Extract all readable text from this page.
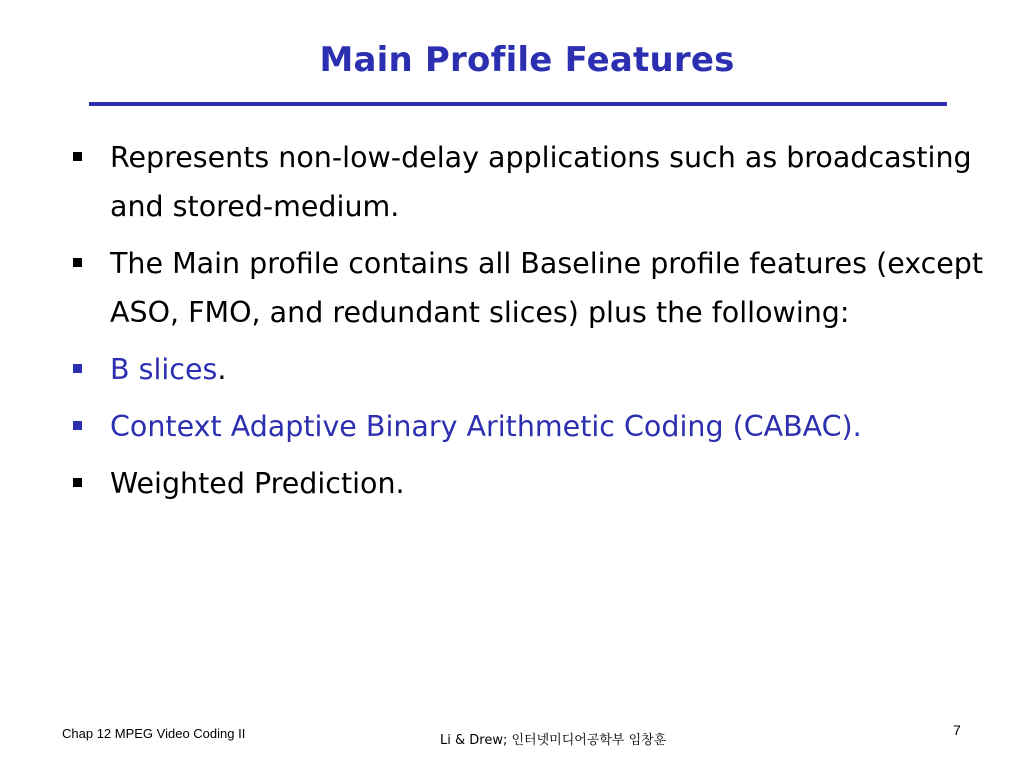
Main Profile Features
Represents non-low-delay applications such as broadcasting and stored-medium.
The Main profile contains all Baseline profile features (except ASO, FMO, and redundant slices) plus the following:
B slices.
Context Adaptive Binary Arithmetic Coding (CABAC).
Weighted Prediction.
Chap 12 MPEG Video Coding II	Li & Drew; 인터넷미디어공학부 임창훈
7
